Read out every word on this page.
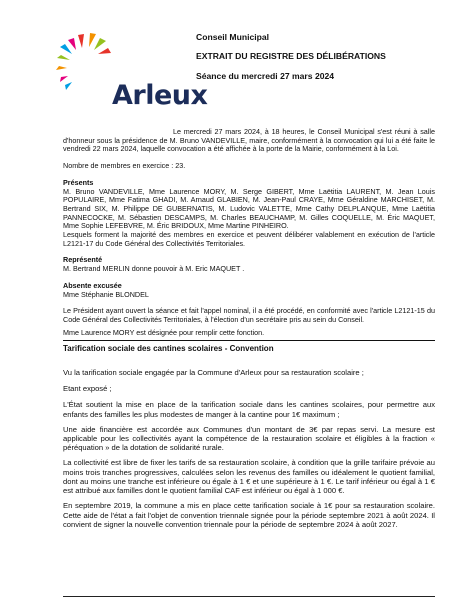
Arleux
Conseil Municipal
EXTRAIT DU REGISTRE DES DÉLIBÉRATIONS
Séance du mercredi 27 mars 2024

Le mercredi 27 mars 2024, à 18 heures, le Conseil Municipal s'est réuni à salle d'honneur sous la présidence de M. Bruno VANDEVILLE, maire, conformément à la convocation qui lui a été faite le vendredi 22 mars 2024, laquelle convocation a été affichée à la porte de la Mairie, conformément à la Loi.

Nombre de membres en exercice : 23.

Présents

M. Bruno VANDEVILLE, Mme Laurence MORY, M. Serge GIBERT, Mme Laëtitia LAURENT, M. Jean Louis POPULAIRE, Mme Fatima GHADI, M. Arnaud GLABIEN, M. Jean-Paul CRAYE, Mme Géraldine MARCHISET, M. Bertrand SIX, M. Philippe DE GUBERNATIS, M. Ludovic VALETTE, Mme Cathy DELPLANQUE, Mme Laëtitia PANNECOCKE, M. Sébastien DESCAMPS, M. Charles BEAUCHAMP, M. Gilles COQUELLE, M. Éric MAQUET, Mme Sophie LEFEBVRE, M. Éric BRIDOUX, Mme Martine PINHEIRO.

Lesquels forment la majorité des membres en exercice et peuvent délibérer valablement en exécution de l'article L2121-17 du Code Général des Collectivités Territoriales.

Représenté

M. Bertrand MERLIN donne pouvoir à M. Eric MAQUET .

Absente excusée

Mme Stéphanie BLONDEL

Le Président ayant ouvert la séance et fait l'appel nominal, il a été procédé, en conformité avec l'article L2121-15 du Code Général des Collectivités Territoriales, à l'élection d'un secrétaire pris au sein du Conseil.

Mme Laurence MORY est désignée pour remplir cette fonction.

Tarification sociale des cantines scolaires - Convention

Vu la tarification sociale engagée par la Commune d'Arleux pour sa restauration scolaire ;

Etant exposé ;

L'État soutient la mise en place de la tarification sociale dans les cantines scolaires, pour permettre aux enfants des familles les plus modestes de manger à la cantine pour 1€ maximum ;

Une aide financière est accordée aux Communes d'un montant de 3€ par repas servi. La mesure est applicable pour les collectivités ayant la compétence de la restauration scolaire et éligibles à la fraction « péréquation » de la dotation de solidarité rurale.

La collectivité est libre de fixer les tarifs de sa restauration scolaire, à condition que la grille tarifaire prévoie au moins trois tranches progressives, calculées selon les revenus des familles ou idéalement le quotient familial, dont au moins une tranche est inférieure ou égale à 1 € et une supérieure à 1 €. Le tarif inférieur ou égal à 1 € est attribué aux familles dont le quotient familial CAF est inférieur ou égal à 1 000 €.

En septembre 2019, la commune a mis en place cette tarification sociale à 1€ pour sa restauration scolaire. Cette aide de l'état a fait l'objet de convention triennale signée pour la période septembre 2021 à août 2024. Il convient de signer la nouvelle convention triennale pour la période de septembre 2024 à août 2027.
